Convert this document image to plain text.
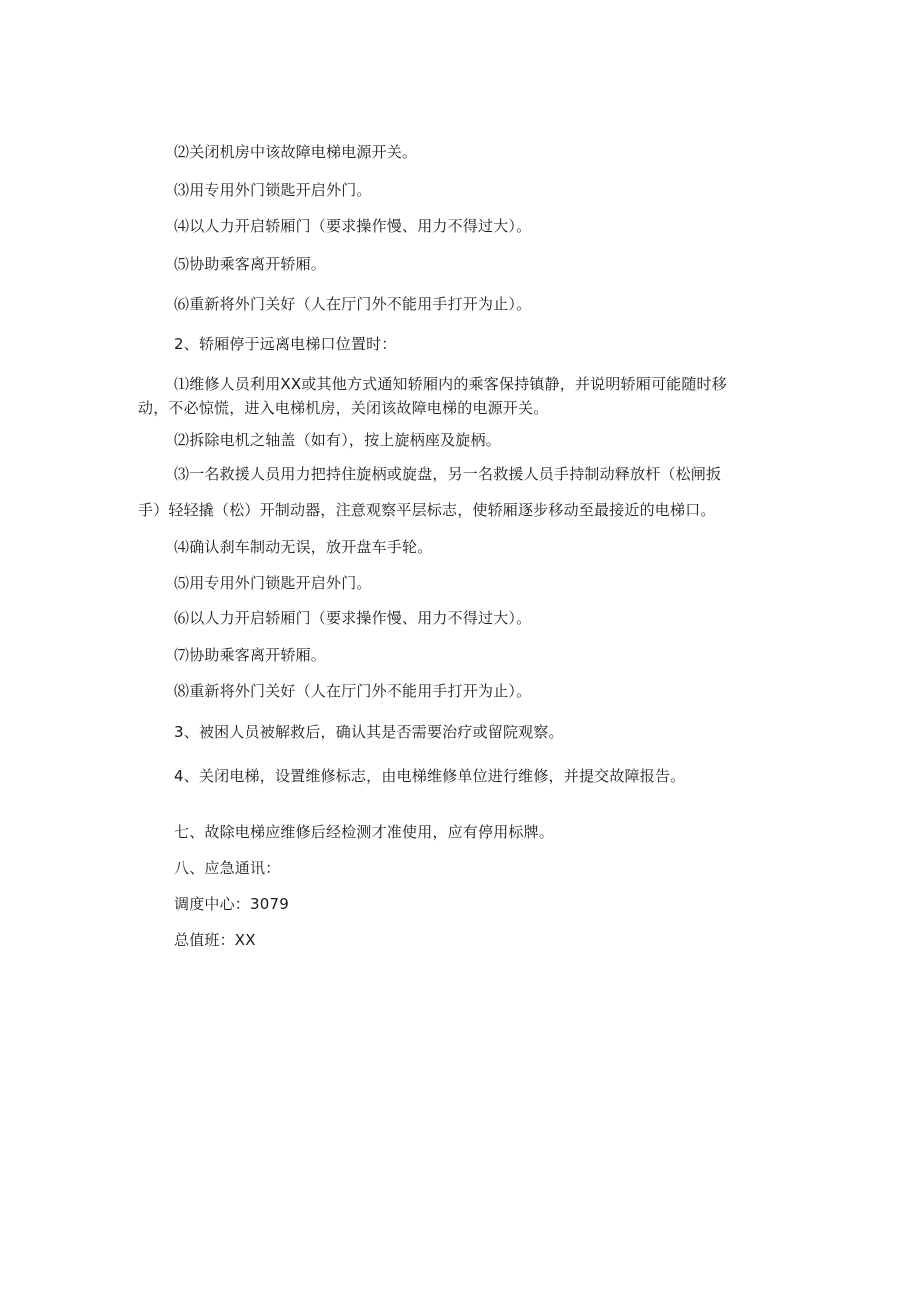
⑵关闭机房中该故障电梯电源开关。
⑶用专用外门锁匙开启外门。
⑷以人力开启轿厢门（要求操作慢、用力不得过大）。
⑸协助乘客离开轿厢。
⑹重新将外门关好（人在厅门外不能用手打开为止）。
2、轿厢停于远离电梯口位置时：
⑴维修人员利用XX或其他方式通知轿厢内的乘客保持镇静，并说明轿厢可能随时移
动，不必惊慌，进入电梯机房，关闭该故障电梯的电源开关。
⑵拆除电机之轴盖（如有），按上旋柄座及旋柄。
⑶一名救援人员用力把持住旋柄或旋盘，另一名救援人员手持制动释放杆（松闸扳
手）轻轻撬（松）开制动器，注意观察平层标志，使轿厢逐步移动至最接近的电梯口。
⑷确认刹车制动无误，放开盘车手轮。
⑸用专用外门锁匙开启外门。
⑹以人力开启轿厢门（要求操作慢、用力不得过大）。
⑺协助乘客离开轿厢。
⑻重新将外门关好（人在厅门外不能用手打开为止）。
3、被困人员被解救后，确认其是否需要治疗或留院观察。
4、关闭电梯，设置维修标志，由电梯维修单位进行维修，并提交故障报告。
七、故除电梯应维修后经检测才准使用，应有停用标牌。
八、应急通讯：
调度中心：3079
总值班：XX
